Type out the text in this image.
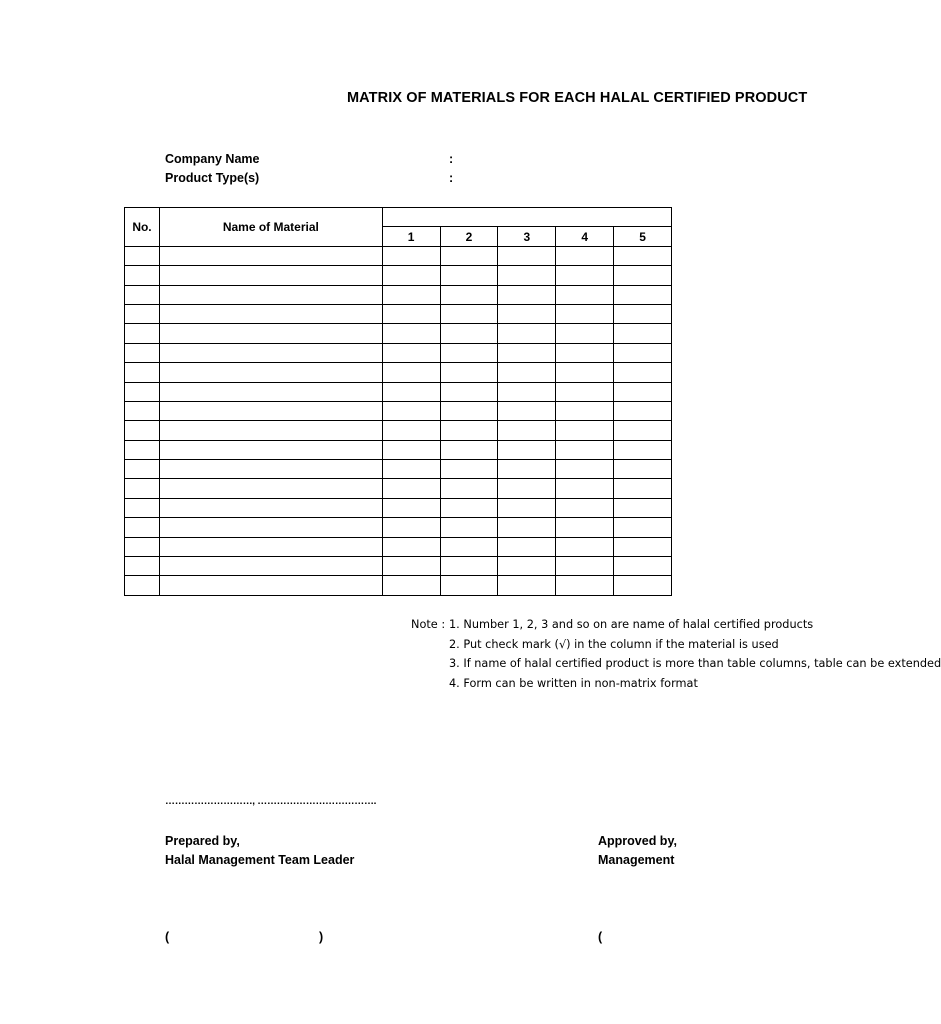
MATRIX OF MATERIALS FOR EACH HALAL CERTIFIED PRODUCT
Company Name	:
Product Type(s)	:
No.	Name of Material					
		1	2	3	4	5

Note : 1. Number 1, 2, 3 and so on are name of halal certified products
2. Put check mark (√) in the column if the material is used
3. If name of halal certified product is more than table columns, table can be extended
4. Form can be written in non-matrix format
………………………, ……………………………….
Prepared by,
Halal Management Team Leader
Approved by,
Management
(	)	(
